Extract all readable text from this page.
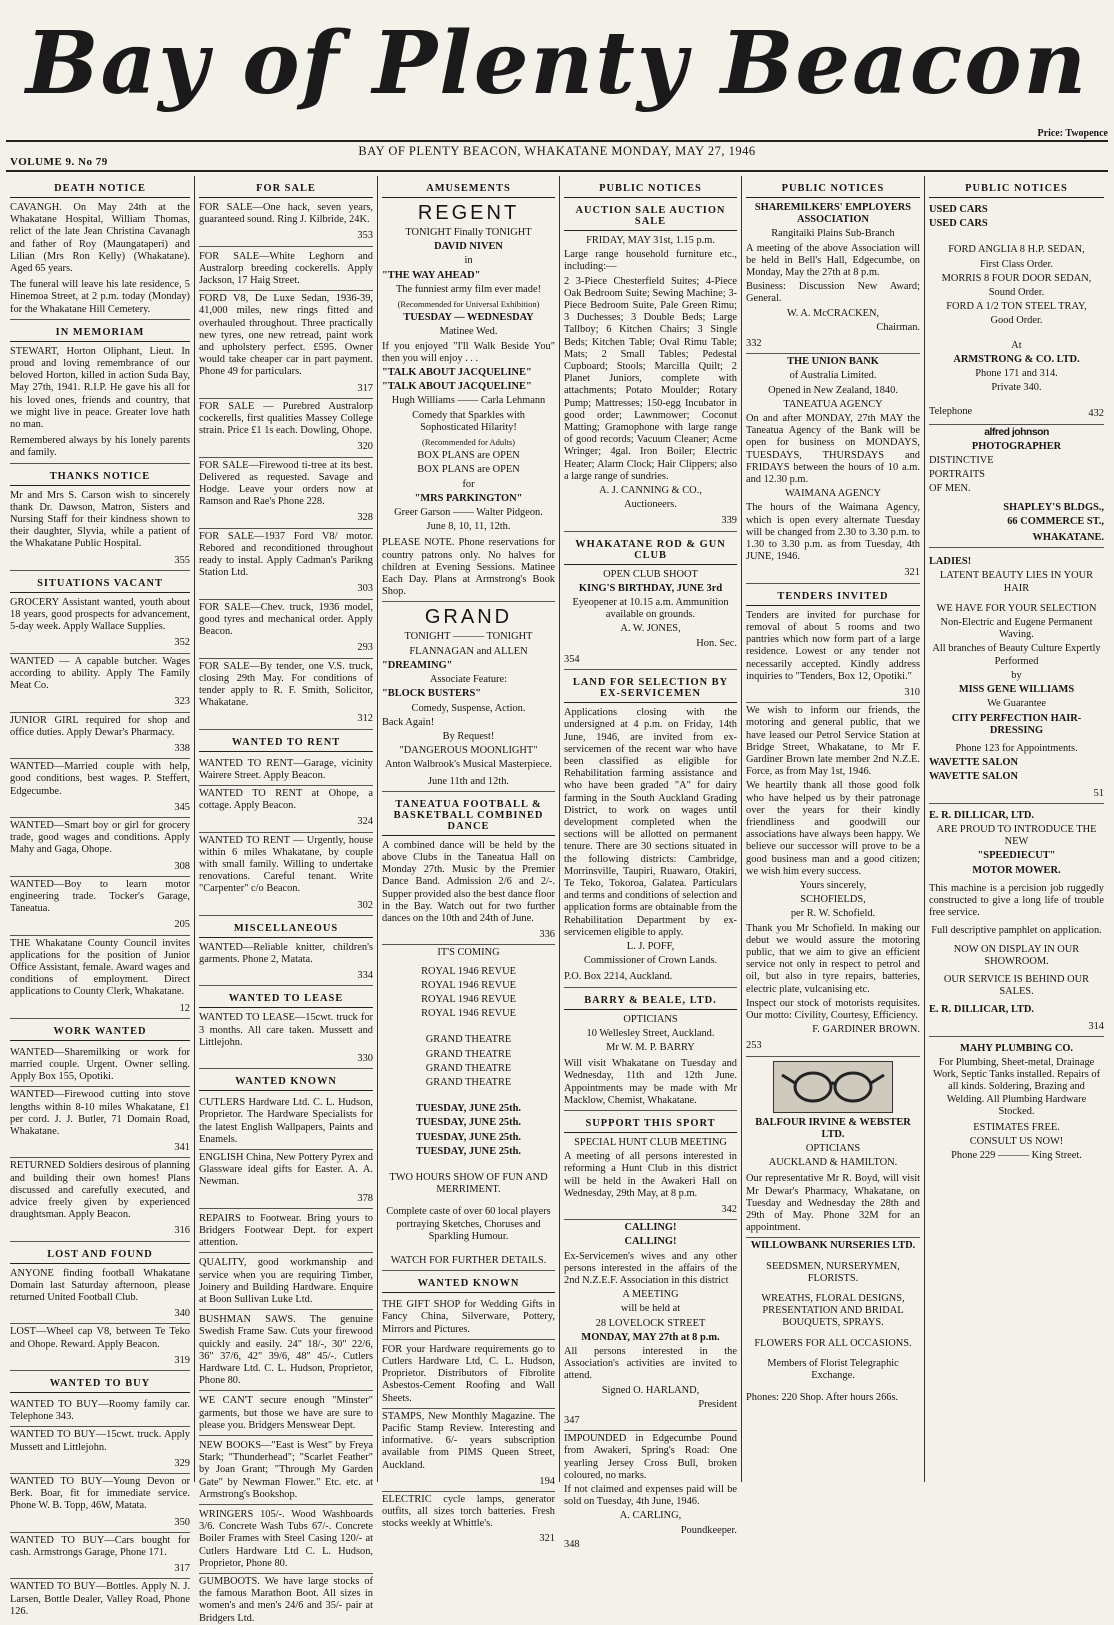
Bay of Plenty Beacon
Price: Twopence
BAY OF PLENTY BEACON, WHAKATANE MONDAY, MAY 27, 1946
VOLUME 9. No 79
DEATH NOTICE

CAVANGH. On May 24th at the Whakatane Hospital, William Thomas, relict of the late Jean Christina Cavanagh and father of Roy (Maungataperi) and Lilian (Mrs Ron Kelly) (Whakatane). Aged 65 years.

The funeral will leave his late residence, 5 Hinemoa Street, at 2 p.m. today (Monday) for the Whakatane Hill Cemetery.

IN MEMORIAM

STEWART, Horton Oliphant, Lieut. In proud and loving remembrance of our beloved Horton, killed in action Suda Bay, May 27th, 1941. R.I.P. He gave his all for his loved ones, friends and country, that we might live in peace. Greater love hath no man.

Remembered always by his lonely parents and family.

THANKS NOTICE

Mr and Mrs S. Carson wish to sincerely thank Dr. Dawson, Matron, Sisters and Nursing Staff for their kindness shown to their daughter, Slyvia, while a patient of the Whakatane Public Hospital.

355

SITUATIONS VACANT

GROCERY Assistant wanted, youth about 18 years, good prospects for advancement, 5-day week. Apply Wallace Supplies.

352

WANTED — A capable butcher. Wages according to ability. Apply The Family Meat Co.

323

JUNIOR GIRL required for shop and office duties. Apply Dewar's Pharmacy.

338

WANTED—Married couple with help, good conditions, best wages. P. Steffert, Edgecumbe.

345

WANTED—Smart boy or girl for grocery trade, good wages and conditions. Apply Mahy and Gaga, Ohope.

308

WANTED—Boy to learn motor engineering trade. Tocker's Garage, Taneatua.

205

THE Whakatane County Council invites applications for the position of Junior Office Assistant, female. Award wages and conditions of employment. Direct applications to County Clerk, Whakatane.

12

WORK WANTED

WANTED—Sharemilking or work for married couple. Urgent. Owner selling. Apply Box 155, Opotiki.

WANTED—Firewood cutting into stove lengths within 8-10 miles Whakatane, £1 per cord. J. J. Butler, 71 Domain Road, Whakatane.

341

RETURNED Soldiers desirous of planning and building their own homes! Plans discussed and carefully executed, and advice freely given by experienced draughtsman. Apply Beacon.

316

LOST AND FOUND

ANYONE finding football Whakatane Domain last Saturday afternoon, please returned United Football Club.

340

LOST—Wheel cap V8, between Te Teko and Ohope. Reward. Apply Beacon.

319

WANTED TO BUY

WANTED TO BUY—Roomy family car. Telephone 343.

WANTED TO BUY—15cwt. truck. Apply Mussett and Littlejohn.

329

WANTED TO BUY—Young Devon or Berk. Boar, fit for immediate service. Phone W. B. Topp, 46W, Matata.

350

WANTED TO BUY—Cars bought for cash. Armstrongs Garage, Phone 171.

317

WANTED TO BUY—Bottles. Apply N. J. Larsen, Bottle Dealer, Valley Road, Phone 126.

FOR SALE

FOR SALE—One hack, seven years, guaranteed sound. Ring J. Kilbride, 24K.

353

FOR SALE—White Leghorn and Australorp breeding cockerells. Apply Jackson, 17 Haig Street.

FORD V8, De Luxe Sedan, 1936-39, 41,000 miles, new rings fitted and overhauled throughout. Three practically new tyres, one new retread, paint work and upholstery perfect. £595. Owner would take cheaper car in part payment. Phone 49 for particulars.

317

FOR SALE — Purebred Australorp cockerells, first qualities Massey College strain. Price £1 1s each. Dowling, Ohope.

320

FOR SALE—Firewood ti-tree at its best. Delivered as requested. Savage and Hodge. Leave your orders now at Ramson and Rae's Phone 228.

328

FOR SALE—1937 Ford V8/ motor. Rebored and reconditioned throughout ready to instal. Apply Cadman's Parikng Station Ltd.

303

FOR SALE—Chev. truck, 1936 model, good tyres and mechanical order. Apply Beacon.

293

FOR SALE—By tender, one V.S. truck, closing 29th May. For conditions of tender apply to R. F. Smith, Solicitor, Whakatane.

312

WANTED TO RENT

WANTED TO RENT—Garage, vicinity Wairere Street. Apply Beacon.

WANTED TO RENT at Ohope, a cottage. Apply Beacon.

324

WANTED TO RENT — Urgently, house within 6 miles Whakatane, by couple with small family. Willing to undertake renovations. Careful tenant. Write "Carpenter" c/o Beacon.

302

MISCELLANEOUS

WANTED—Reliable knitter, children's garments. Phone 2, Matata.

334

WANTED TO LEASE

WANTED TO LEASE—15cwt. truck for 3 months. All care taken. Mussett and Littlejohn.

330

WANTED KNOWN

CUTLERS Hardware Ltd. C. L. Hudson, Proprietor. The Hardware Specialists for the latest English Wallpapers, Paints and Enamels.

ENGLISH China, New Pottery Pyrex and Glassware ideal gifts for Easter. A. A. Newman.

378

REPAIRS to Footwear. Bring yours to Bridgers Footwear Dept. for expert attention.

QUALITY, good workmanship and service when you are requiring Timber, Joinery and Building Hardware. Enquire at Boon Sullivan Luke Ltd.

BUSHMAN SAWS. The genuine Swedish Frame Saw. Cuts your firewood quickly and easily. 24" 18/-, 30" 22/6, 36" 37/6, 42" 39/6, 48" 45/-. Cutlers Hardware Ltd. C. L. Hudson, Proprietor, Phone 80.

WE CAN'T secure enough "Minster" garments, but those we have are sure to please you. Bridgers Menswear Dept.

NEW BOOKS—"East is West" by Freya Stark; "Thunderhead"; "Scarlet Feather" by Joan Grant; "Through My Garden Gate" by Newman Flower." Etc. etc. at Armstrong's Bookshop.

WRINGERS 105/-. Wood Washboards 3/6. Concrete Wash Tubs 67/-. Concrete Boiler Frames with Steel Casing 120/- at Cutlers Hardware Ltd C. L. Hudson, Proprietor, Phone 80.

GUMBOOTS. We have large stocks of the famous Marathon Boot. All sizes in women's and men's 24/6 and 35/- pair at Bridgers Ltd.

AMUSEMENTS
REGENT

TONIGHT Finally TONIGHT

DAVID NIVEN

in

"THE WAY AHEAD"

The funniest army film ever made!

(Recommended for Universal Exhibition)

TUESDAY — WEDNESDAY

Matinee Wed.

If you enjoyed "I'll Walk Beside You" then you will enjoy . . .

"TALK ABOUT JACQUELINE"

"TALK ABOUT JACQUELINE"

Hugh Williams —— Carla Lehmann

Comedy that Sparkles with Sophosticated Hilarity!

(Recommended for Adults)

BOX PLANS are OPEN

BOX PLANS are OPEN

for

"MRS PARKINGTON"

Greer Garson —— Walter Pidgeon.

June 8, 10, 11, 12th.

PLEASE NOTE. Phone reservations for country patrons only. No halves for children at Evening Sessions. Matinee Each Day. Plans at Armstrong's Book Shop.

GRAND

TONIGHT ——— TONIGHT

FLANNAGAN and ALLEN

"DREAMING"

Associate Feature:

"BLOCK BUSTERS"

Comedy, Suspense, Action.

Back Again!

By Request!

"DANGEROUS MOONLIGHT"

Anton Walbrook's Musical Masterpiece.

June 11th and 12th.

TANEATUA FOOTBALL & BASKETBALL COMBINED DANCE

A combined dance will be held by the above Clubs in the Taneatua Hall on Monday 27th. Music by the Premier Dance Band. Admission 2/6 and 2/-. Supper provided also the best dance floor in the Bay. Watch out for two further dances on the 10th and 24th of June.

336

IT'S COMING

ROYAL 1946 REVUE

ROYAL 1946 REVUE

ROYAL 1946 REVUE

ROYAL 1946 REVUE

GRAND THEATRE

GRAND THEATRE

GRAND THEATRE

GRAND THEATRE

TUESDAY, JUNE 25th.

TUESDAY, JUNE 25th.

TUESDAY, JUNE 25th.

TUESDAY, JUNE 25th.

TWO HOURS SHOW OF FUN AND MERRIMENT.

Complete caste of over 60 local players portraying Sketches, Choruses and Sparkling Humour.

WATCH FOR FURTHER DETAILS.

WANTED KNOWN

THE GIFT SHOP for Wedding Gifts in Fancy China, Silverware, Pottery, Mirrors and Pictures.

FOR your Hardware requirements go to Cutlers Hardware Ltd, C. L. Hudson, Proprietor. Distributors of Fibrolite Asbestos-Cement Roofing and Wall Sheets.

STAMPS, New Monthly Magazine. The Pacific Stamp Review. Interesting and informative. 6/- years subscription available from PIMS Queen Street, Auckland.

194

ELECTRIC cycle lamps, generator outfits, all sizes torch batteries. Fresh stocks weekly at Whittle's.

321

PUBLIC NOTICES
AUCTION SALE AUCTION SALE

FRIDAY, MAY 31st, 1.15 p.m.

Large range household furniture etc., including:—

2 3-Piece Chesterfield Suites; 4-Piece Oak Bedroom Suite; Sewing Machine; 3-Piece Bedroom Suite, Pale Green Rimu; 3 Duchesses; 3 Double Beds; Large Tallboy; 6 Kitchen Chairs; 3 Single Beds; Kitchen Table; Oval Rimu Table; Mats; 2 Small Tables; Pedestal Cupboard; Stools; Marcilla Quilt; 2 Planet Juniors, complete with attachments; Potato Moulder; Rotary Pump; Mattresses; 150-egg Incubator in good order; Lawnmower; Coconut Matting; Gramophone with large range of good records; Vacuum Cleaner; Acme Wringer; 4gal. Iron Boiler; Electric Heater; Alarm Clock; Hair Clippers; also a large range of sundries.

A. J. CANNING & CO.,

Auctioneers.

339

WHAKATANE ROD & GUN CLUB

OPEN CLUB SHOOT

KING'S BIRTHDAY, JUNE 3rd

Eyeopener at 10.15 a.m. Ammunition available on grounds.

A. W. JONES,

Hon. Sec.

354

LAND FOR SELECTION BY EX-SERVICEMEN

Applications closing with the undersigned at 4 p.m. on Friday, 14th June, 1946, are invited from ex-servicemen of the recent war who have been classified as eligible for Rehabilitation farming assistance and who have been graded "A" for dairy farming in the South Auckland Grading District, to work on wages until development completed when the sections will be allotted on permanent tenure. There are 30 sections situated in the following districts: Cambridge, Morrinsville, Taupiri, Ruawaro, Otakiri, Te Teko, Tokoroa, Galatea. Particulars and terms and conditions of selection and application forms are obtainable from the Rehabilitation Department by ex-servicemen eligible to apply.

L. J. POFF,

Commissioner of Crown Lands.

P.O. Box 2214, Auckland.

BARRY & BEALE, LTD.

OPTICIANS

10 Wellesley Street, Auckland.

Mr W. M. P. BARRY

Will visit Whakatane on Tuesday and Wednesday, 11th and 12th June. Appointments may be made with Mr Macklow, Chemist, Whakatane.

SUPPORT THIS SPORT

SPECIAL HUNT CLUB MEETING

A meeting of all persons interested in reforming a Hunt Club in this district will be held in the Awakeri Hall on Wednesday, 29th May, at 8 p.m.

342

CALLING!

CALLING!

Ex-Servicemen's wives and any other persons interested in the affairs of the 2nd N.Z.E.F. Association in this district

A MEETING

will be held at

28 LOVELOCK STREET

MONDAY, MAY 27th at 8 p.m.

All persons interested in the Association's activities are invited to attend.

Signed O. HARLAND,

President

347

IMPOUNDED in Edgecumbe Pound from Awakeri, Spring's Road: One yearling Jersey Cross Bull, broken coloured, no marks.

If not claimed and expenses paid will be sold on Tuesday, 4th June, 1946.

A. CARLING,

Poundkeeper.

348

PUBLIC NOTICES

SHAREMILKERS' EMPLOYERS ASSOCIATION

Rangitaiki Plains Sub-Branch

A meeting of the above Association will be held in Bell's Hall, Edgecumbe, on Monday, May the 27th at 8 p.m.

Business: Discussion New Award; General.

W. A. McCRACKEN,

Chairman.

332

THE UNION BANK

of Australia Limited.

Opened in New Zealand, 1840.

TANEATUA AGENCY

On and after MONDAY, 27th MAY the Taneatua Agency of the Bank will be open for business on MONDAYS, TUESDAYS, THURSDAYS and FRIDAYS between the hours of 10 a.m. and 12.30 p.m.

WAIMANA AGENCY

The hours of the Waimana Agency, which is open every alternate Tuesday will be changed from 2.30 to 3.30 p.m. to 1.30 to 3.30 p.m. as from Tuesday, 4th JUNE, 1946.

321

TENDERS INVITED

Tenders are invited for purchase for removal of about 5 rooms and two pantries which now form part of a large residence. Lowest or any tender not necessarily accepted. Kindly address inquiries to "Tenders, Box 12, Opotiki."

310

We wish to inform our friends, the motoring and general public, that we have leased our Petrol Service Station at Bridge Street, Whakatane, to Mr F. Gardiner Brown late member 2nd N.Z.E. Force, as from May 1st, 1946.

We heartily thank all those good folk who have helped us by their patronage over the years for their kindly friendliness and goodwill our associations have always been happy. We believe our successor will prove to be a good business man and a good citizen; we wish him every success.

Yours sincerely,

SCHOFIELDS,

per R. W. Schofield.

Thank you Mr Schofield. In making our debut we would assure the motoring public, that we aim to give an efficient service not only in respect to petrol and oil, but also in tyre repairs, batteries, electric plate, vulcanising etc.

Inspect our stock of motorists requisites. Our motto: Civility, Courtesy, Efficiency.

F. GARDINER BROWN.

253

BALFOUR IRVINE & WEBSTER LTD.

OPTICIANS

AUCKLAND & HAMILTON.

Our representative Mr R. Boyd, will visit Mr Dewar's Pharmacy, Whakatane, on Tuesday and Wednesday the 28th and 29th of May. Phone 32M for an appointment.

WILLOWBANK NURSERIES LTD.

SEEDSMEN, NURSERYMEN, FLORISTS.

WREATHS, FLORAL DESIGNS, PRESENTATION AND BRIDAL BOUQUETS, SPRAYS.

FLOWERS FOR ALL OCCASIONS.

Members of Florist Telegraphic Exchange.

Phones: 220 Shop. After hours 266s.

PUBLIC NOTICES

USED CARS

USED CARS

FORD ANGLIA 8 H.P. SEDAN,

First Class Order.

MORRIS 8 FOUR DOOR SEDAN,

Sound Order.

FORD A 1/2 TON STEEL TRAY,

Good Order.

At

ARMSTRONG & CO. LTD.

Phone 171 and 314.

Private 340.

Telephone	432

alfred johnson

PHOTOGRAPHER

DISTINCTIVE

PORTRAITS

OF MEN.

SHAPLEY'S BLDGS.,

66 COMMERCE ST.,

WHAKATANE.

LADIES!

LATENT BEAUTY LIES IN YOUR HAIR

WE HAVE FOR YOUR SELECTION

Non-Electric and Eugene Permanent Waving.

All branches of Beauty Culture Expertly Performed

by

MISS GENE WILLIAMS

We Guarantee

CITY PERFECTION HAIR-DRESSING

Phone 123 for Appointments.

WAVETTE SALON

WAVETTE SALON

51

E. R. DILLICAR, LTD.

ARE PROUD TO INTRODUCE THE NEW

"SPEEDIECUT"

MOTOR MOWER.

This machine is a percision job ruggedly constructed to give a long life of trouble free service.

Full descriptive pamphlet on application.

NOW ON DISPLAY IN OUR SHOWROOM.

OUR SERVICE IS BEHIND OUR SALES.

E. R. DILLICAR, LTD.

314

MAHY PLUMBING CO.

For Plumbing, Sheet-metal, Drainage Work, Septic Tanks installed. Repairs of all kinds. Soldering, Brazing and Welding. All Plumbing Hardware Stocked.

ESTIMATES FREE.

CONSULT US NOW!

Phone 229 ——— King Street.
